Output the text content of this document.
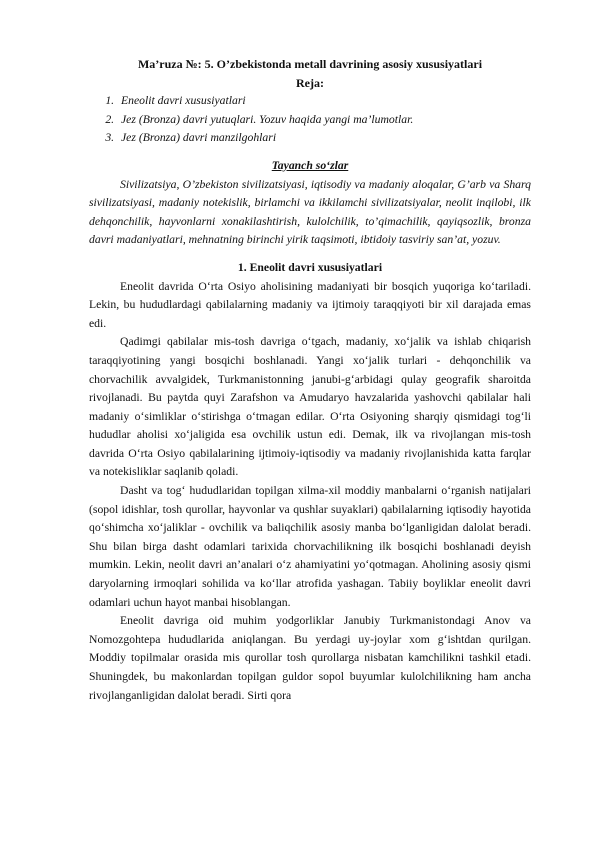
Ma’ruza №: 5. O’zbekistonda metall davrining asosiy xususiyatlari
Reja:
1. Eneolit davri xususiyatlari
2. Jez (Bronza) davri yutuqlari. Yozuv haqida yangi ma’lumotlar.
3. Jez (Bronza) davri manzilgohlari
Tayanch so‘zlar

Sivilizatsiya, O’zbekiston sivilizatsiyasi, iqtisodiy va madaniy aloqalar, G’arb va Sharq sivilizatsiyasi, madaniy notekislik, birlamchi va ikkilamchi sivilizatsiyalar, neolit inqilobi, ilk dehqonchilik, hayvonlarni xonakilashtirish, kulolchilik, to’qimachilik, qayiqsozlik, bronza davri madaniyatlari, mehnatning birinchi yirik taqsimoti, ibtidoiy tasviriy san’at, yozuv.

1. Eneolit davri xususiyatlari

Eneolit davrida O‘rta Osiyo aholisining madaniyati bir bosqich yuqoriga ko‘tariladi. Lekin, bu hududlardagi qabilalarning madaniy va ijtimoiy taraqqiyoti bir xil darajada emas edi.

Qadimgi qabilalar mis-tosh davriga o‘tgach, madaniy, xo‘jalik va ishlab chiqarish taraqqiyotining yangi bosqichi boshlanadi. Yangi xo‘jalik turlari - dehqonchilik va chorvachilik avvalgidek, Turkmanistonning janubi-g‘arbidagi qulay geografik sharoitda rivojlanadi. Bu paytda quyi Zarafshon va Amudaryo havzalarida yashovchi qabilalar hali madaniy o‘simliklar o‘stirishga o‘tmagan edilar. O‘rta Osiyoning sharqiy qismidagi tog‘li hududlar aholisi xo‘jaligida esa ovchilik ustun edi. Demak, ilk va rivojlangan mis-tosh davrida O‘rta Osiyo qabilalarining ijtimoiy-iqtisodiy va madaniy rivojlanishida katta farqlar va notekisliklar saqlanib qoladi.

Dasht va tog‘ hududlaridan topilgan xilma-xil moddiy manbalarni o‘rganish natijalari (sopol idishlar, tosh qurollar, hayvonlar va qushlar suyaklari) qabilalarning iqtisodiy hayotida qo‘shimcha xo‘jaliklar - ovchilik va baliqchilik asosiy manba bo‘lganligidan dalolat beradi. Shu bilan birga dasht odamlari tarixida chorvachilikning ilk bosqichi boshlanadi deyish mumkin. Lekin, neolit davri an’analari o‘z ahamiyatini yo‘qotmagan. Aholining asosiy qismi daryolarning irmoqlari sohilida va ko‘llar atrofida yashagan. Tabiiy boyliklar eneolit davri odamlari uchun hayot manbai hisoblangan.

Eneolit davriga oid muhim yodgorliklar Janubiy Turkmanistondagi Anov va Nomozgohtepa hududlarida aniqlangan. Bu yerdagi uy-joylar xom g‘ishtdan qurilgan. Moddiy topilmalar orasida mis qurollar tosh qurollarga nisbatan kamchilikni tashkil etadi. Shuningdek, bu makonlardan topilgan guldor sopol buyumlar kulolchilikning ham ancha rivojlanganligidan dalolat beradi. Sirti qora
